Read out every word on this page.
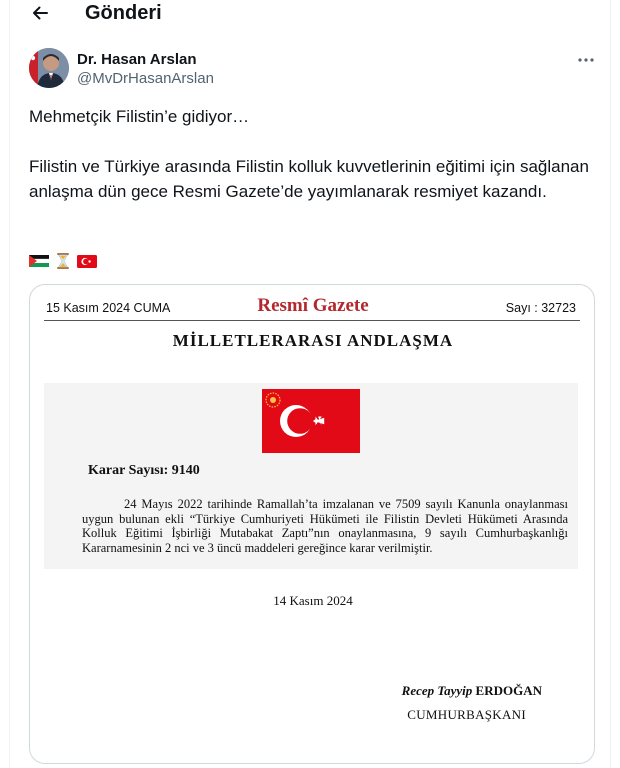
Gönderi
Dr. Hasan Arslan
@MvDrHasanArslan

Mehmetçik Filistin’e gidiyor…

Filistin ve Türkiye arasında Filistin kolluk kuvvetlerinin eğitimi için sağlanan anlaşma dün gece Resmi Gazete’de yayımlanarak resmiyet kazandı.

15 Kasım 2024 CUMA	Resmî Gazete	Sayı : 32723
MİLLETLERARASI ANDLAŞMA
Karar Sayısı: 9140
24 Mayıs 2022 tarihinde Ramallah’ta imzalanan ve 7509 sayılı Kanunla onaylanması uygun bulunan ekli “Türkiye Cumhuriyeti Hükümeti ile Filistin Devleti Hükümeti Arasında Kolluk Eğitimi İşbirliği Mutabakat Zaptı”nın onaylanmasına, 9 sayılı Cumhurbaşkanlığı Kararnamesinin 2 nci ve 3 üncü maddeleri gereğince karar verilmiştir.
14 Kasım 2024
Recep Tayyip ERDOĞAN
CUMHURBAŞKANI
